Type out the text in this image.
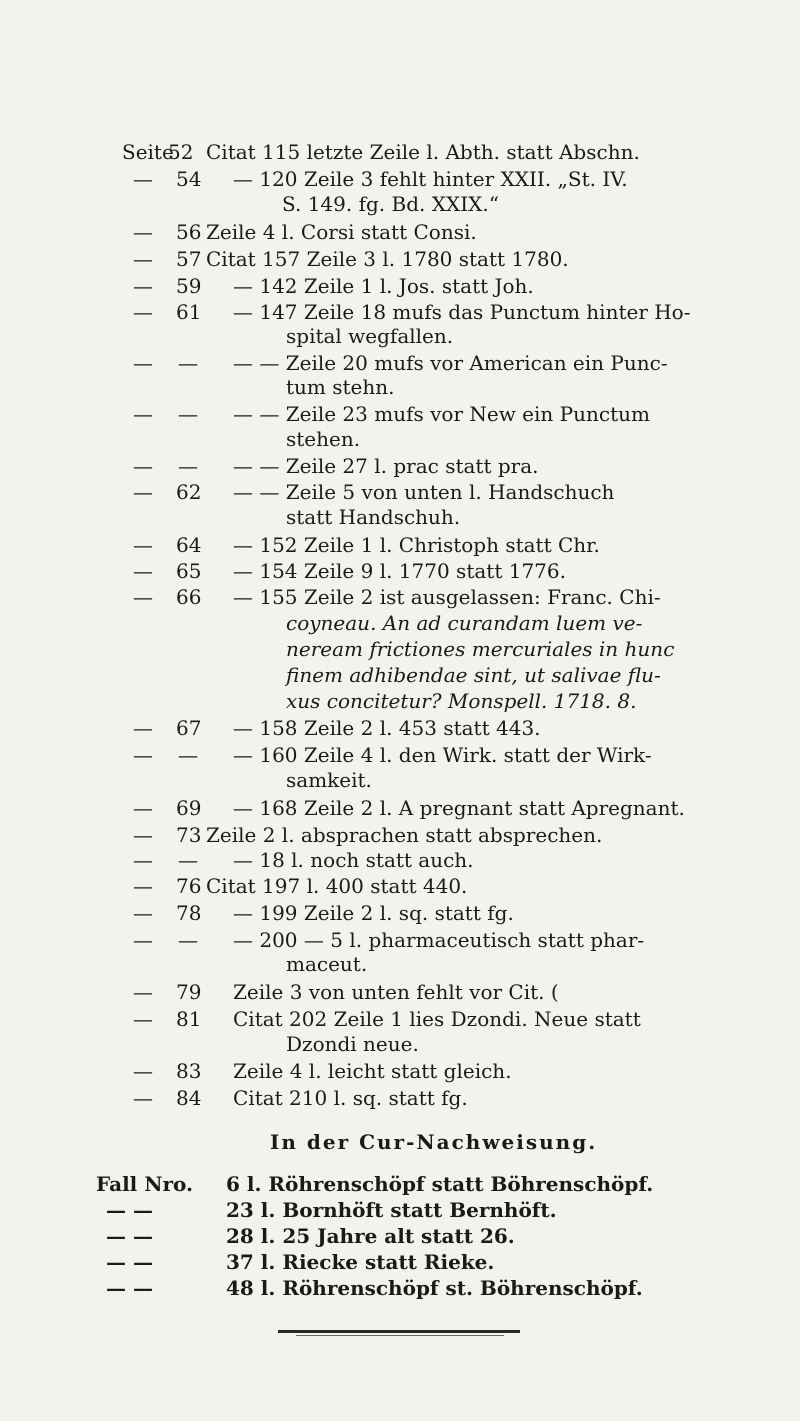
Seite
52 Citat 115 letzte Zeile l. Abth. statt Abschn.
— 54 — 120 Zeile 3 fehlt hinter XXII. „St. IV.
S. 149. fg. Bd. XXIX.“
— 56 Zeile 4 l. Corsi statt Consi.
— 57 Citat 157 Zeile 3 l. 1780 statt 1780.
— 59 — 142 Zeile 1 l. Jos. statt Joh.
— 61 — 147 Zeile 18 mufs das Punctum hinter Ho-
spital wegfallen.
— — — — Zeile 20 mufs vor American ein Punc-
tum stehn.
— — — — Zeile 23 mufs vor New ein Punctum
stehen.
— — — — Zeile 27 l. prac statt pra.
— 62 — — Zeile 5 von unten l. Handschuch
statt Handschuh.
— 64 — 152 Zeile 1 l. Christoph statt Chr.
— 65 — 154 Zeile 9 l. 1770 statt 1776.
— 66 — 155 Zeile 2 ist ausgelassen: Franc. Chi-
coyneau. An ad curandam luem ve-
neream frictiones mercuriales in hunc
finem adhibendae sint, ut salivae flu-
xus concitetur? Monspell. 1718. 8.
— 67 — 158 Zeile 2 l. 453 statt 443.
— — — 160 Zeile 4 l. den Wirk. statt der Wirk-
samkeit.
— 69 — 168 Zeile 2 l. A pregnant statt Apregnant.
— 73 Zeile 2 l. absprachen statt absprechen.
— — — 18 l. noch statt auch.
— 76 Citat 197 l. 400 statt 440.
— 78 — 199 Zeile 2 l. sq. statt fg.
— — — 200 — 5 l. pharmaceutisch statt phar-
maceut.
— 79 Zeile 3 von unten fehlt vor Cit. (
— 81 Citat 202 Zeile 1 lies Dzondi. Neue statt
Dzondi neue.
— 83 Zeile 4 l. leicht statt gleich.
— 84 Citat 210 l. sq. statt fg.
In der Cur-Nachweisung.
Fall Nro. 6 l. Röhrenschöpf statt Böhrenschöpf.
— —	23 l. Bornhöft statt Bernhöft.
— —	28 l. 25 Jahre alt statt 26.
— —	37 l. Riecke statt Rieke.
— —	48 l. Röhrenschöpf st. Böhrenschöpf.
